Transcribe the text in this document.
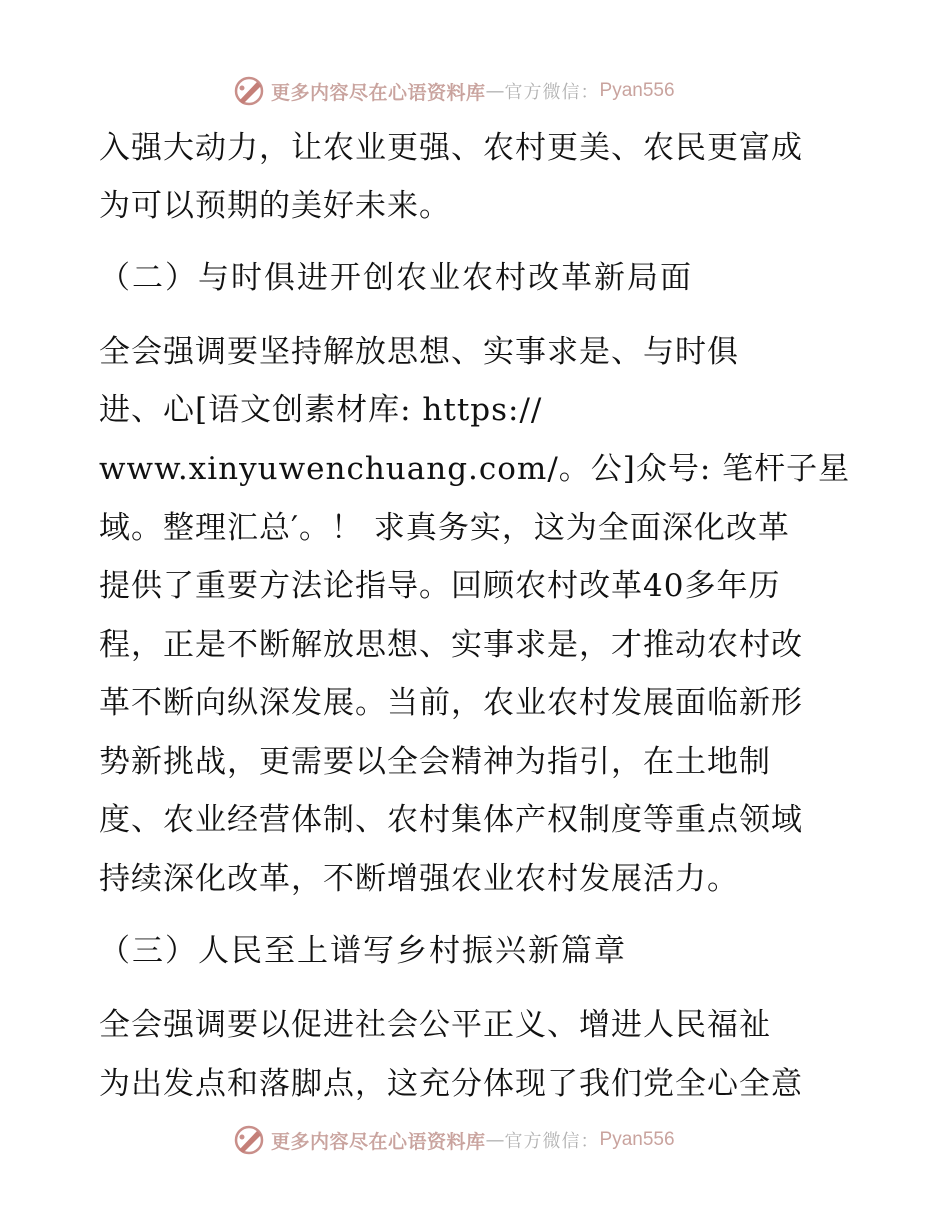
更多内容尽在心语资料库 — 官方微信： Pyan556
入强大动力，让农业更强、农村更美、农民更富成
为可以预期的美好未来。
（二）与时俱进开创农业农村改革新局面
全会强调要坚持解放思想、实事求是、与时俱
进、心[语文创素材库: https://
www.xinyuwenchuang.com/。公]众号: 笔杆子星
域。整理汇总′。！ 求真务实，这为全面深化改革
提供了重要方法论指导。回顾农村改革40多年历
程，正是不断解放思想、实事求是，才推动农村改
革不断向纵深发展。当前，农业农村发展面临新形
势新挑战，更需要以全会精神为指引，在土地制
度、农业经营体制、农村集体产权制度等重点领域
持续深化改革，不断增强农业农村发展活力。
（三）人民至上谱写乡村振兴新篇章
全会强调要以促进社会公平正义、增进人民福祉
为出发点和落脚点，这充分体现了我们党全心全意
更多内容尽在心语资料库 — 官方微信： Pyan556
